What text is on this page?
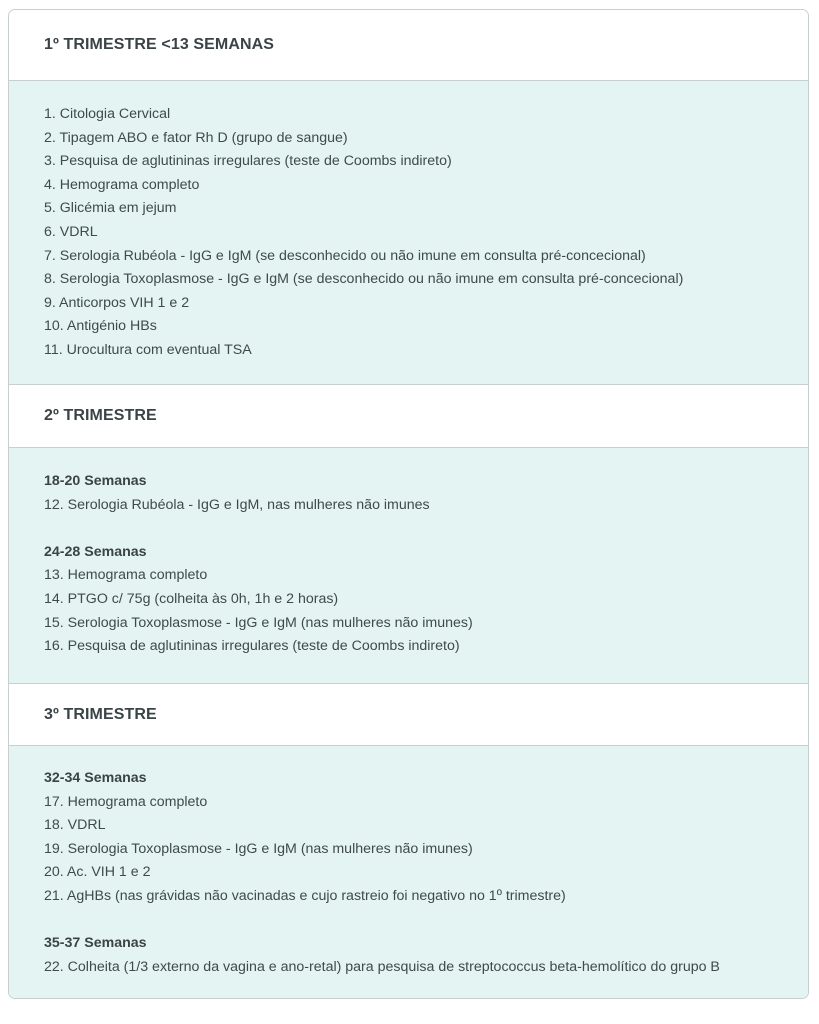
1º TRIMESTRE <13 SEMANAS
1. Citologia Cervical
2. Tipagem ABO e fator Rh D (grupo de sangue)
3. Pesquisa de aglutininas irregulares (teste de Coombs indireto)
4. Hemograma completo
5. Glicémia em jejum
6. VDRL
7. Serologia Rubéola - IgG e IgM (se desconhecido ou não imune em consulta pré-concecional)
8. Serologia Toxoplasmose - IgG e IgM (se desconhecido ou não imune em consulta pré-concecional)
9. Anticorpos VIH 1 e 2
10. Antigénio HBs
11. Urocultura com eventual TSA
2º TRIMESTRE
18-20 Semanas
12. Serologia Rubéola - IgG e IgM, nas mulheres não imunes
24-28 Semanas
13. Hemograma completo
14. PTGO c/ 75g (colheita às 0h, 1h e 2 horas)
15. Serologia Toxoplasmose - IgG e IgM (nas mulheres não imunes)
16. Pesquisa de aglutininas irregulares (teste de Coombs indireto)
3º TRIMESTRE
32-34 Semanas
17. Hemograma completo
18. VDRL
19. Serologia Toxoplasmose - IgG e IgM (nas mulheres não imunes)
20. Ac. VIH 1 e 2
21. AgHBs (nas grávidas não vacinadas e cujo rastreio foi negativo no 1º trimestre)
35-37 Semanas
22. Colheita (1/3 externo da vagina e ano-retal) para pesquisa de streptococcus beta-hemolítico do grupo B
